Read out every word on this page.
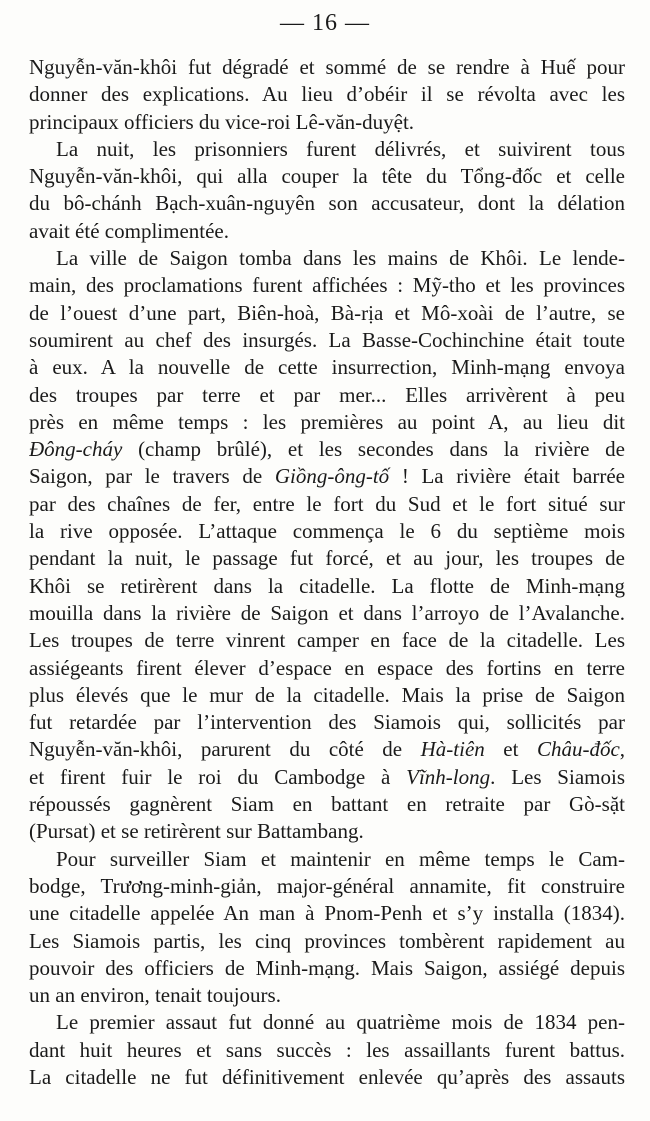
— 16 —
Nguyễn-văn-khôi fut dégradé et sommé de se rendre à Huế pour
donner des explications. Au lieu d’obéir il se révolta avec les
principaux officiers du vice-roi Lê-văn-duyệt.
La nuit, les prisonniers furent délivrés, et suivirent tous
Nguyễn-văn-khôi, qui alla couper la tête du Tổng-đốc et celle
du bô-chánh Bạch-xuân-nguyên son accusateur, dont la délation
avait été complimentée.
La ville de Saigon tomba dans les mains de Khôi. Le lende-
main, des proclamations furent affichées : Mỹ-tho et les provinces
de l’ouest d’une part, Biên-hoà, Bà-rịa et Mô-xoài de l’autre, se
soumirent au chef des insurgés. La Basse-Cochinchine était toute
à eux. A la nouvelle de cette insurrection, Minh-mạng envoya
des troupes par terre et par mer... Elles arrivèrent à peu
près en même temps : les premières au point A, au lieu dit
Đông-cháy (champ brûlé), et les secondes dans la rivière de
Saigon, par le travers de Giồng-ông-tố ! La rivière était barrée
par des chaînes de fer, entre le fort du Sud et le fort situé sur
la rive opposée. L’attaque commença le 6 du septième mois
pendant la nuit, le passage fut forcé, et au jour, les troupes de
Khôi se retirèrent dans la citadelle. La flotte de Minh-mạng
mouilla dans la rivière de Saigon et dans l’arroyo de l’Avalanche.
Les troupes de terre vinrent camper en face de la citadelle. Les
assiégeants firent élever d’espace en espace des fortins en terre
plus élevés que le mur de la citadelle. Mais la prise de Saigon
fut retardée par l’intervention des Siamois qui, sollicités par
Nguyễn-văn-khôi, parurent du côté de Hà-tiên et Châu-đốc,
et firent fuir le roi du Cambodge à Vĩnh-long. Les Siamois
répoussés gagnèrent Siam en battant en retraite par Gò-sặt
(Pursat) et se retirèrent sur Battambang.
Pour surveiller Siam et maintenir en même temps le Cam-
bodge, Trương-minh-giản, major-général annamite, fit construire
une citadelle appelée An man à Pnom-Penh et s’y installa (1834).
Les Siamois partis, les cinq provinces tombèrent rapidement au
pouvoir des officiers de Minh-mạng. Mais Saigon, assiégé depuis
un an environ, tenait toujours.
Le premier assaut fut donné au quatrième mois de 1834 pen-
dant huit heures et sans succès : les assaillants furent battus.
La citadelle ne fut définitivement enlevée qu’après des assauts
